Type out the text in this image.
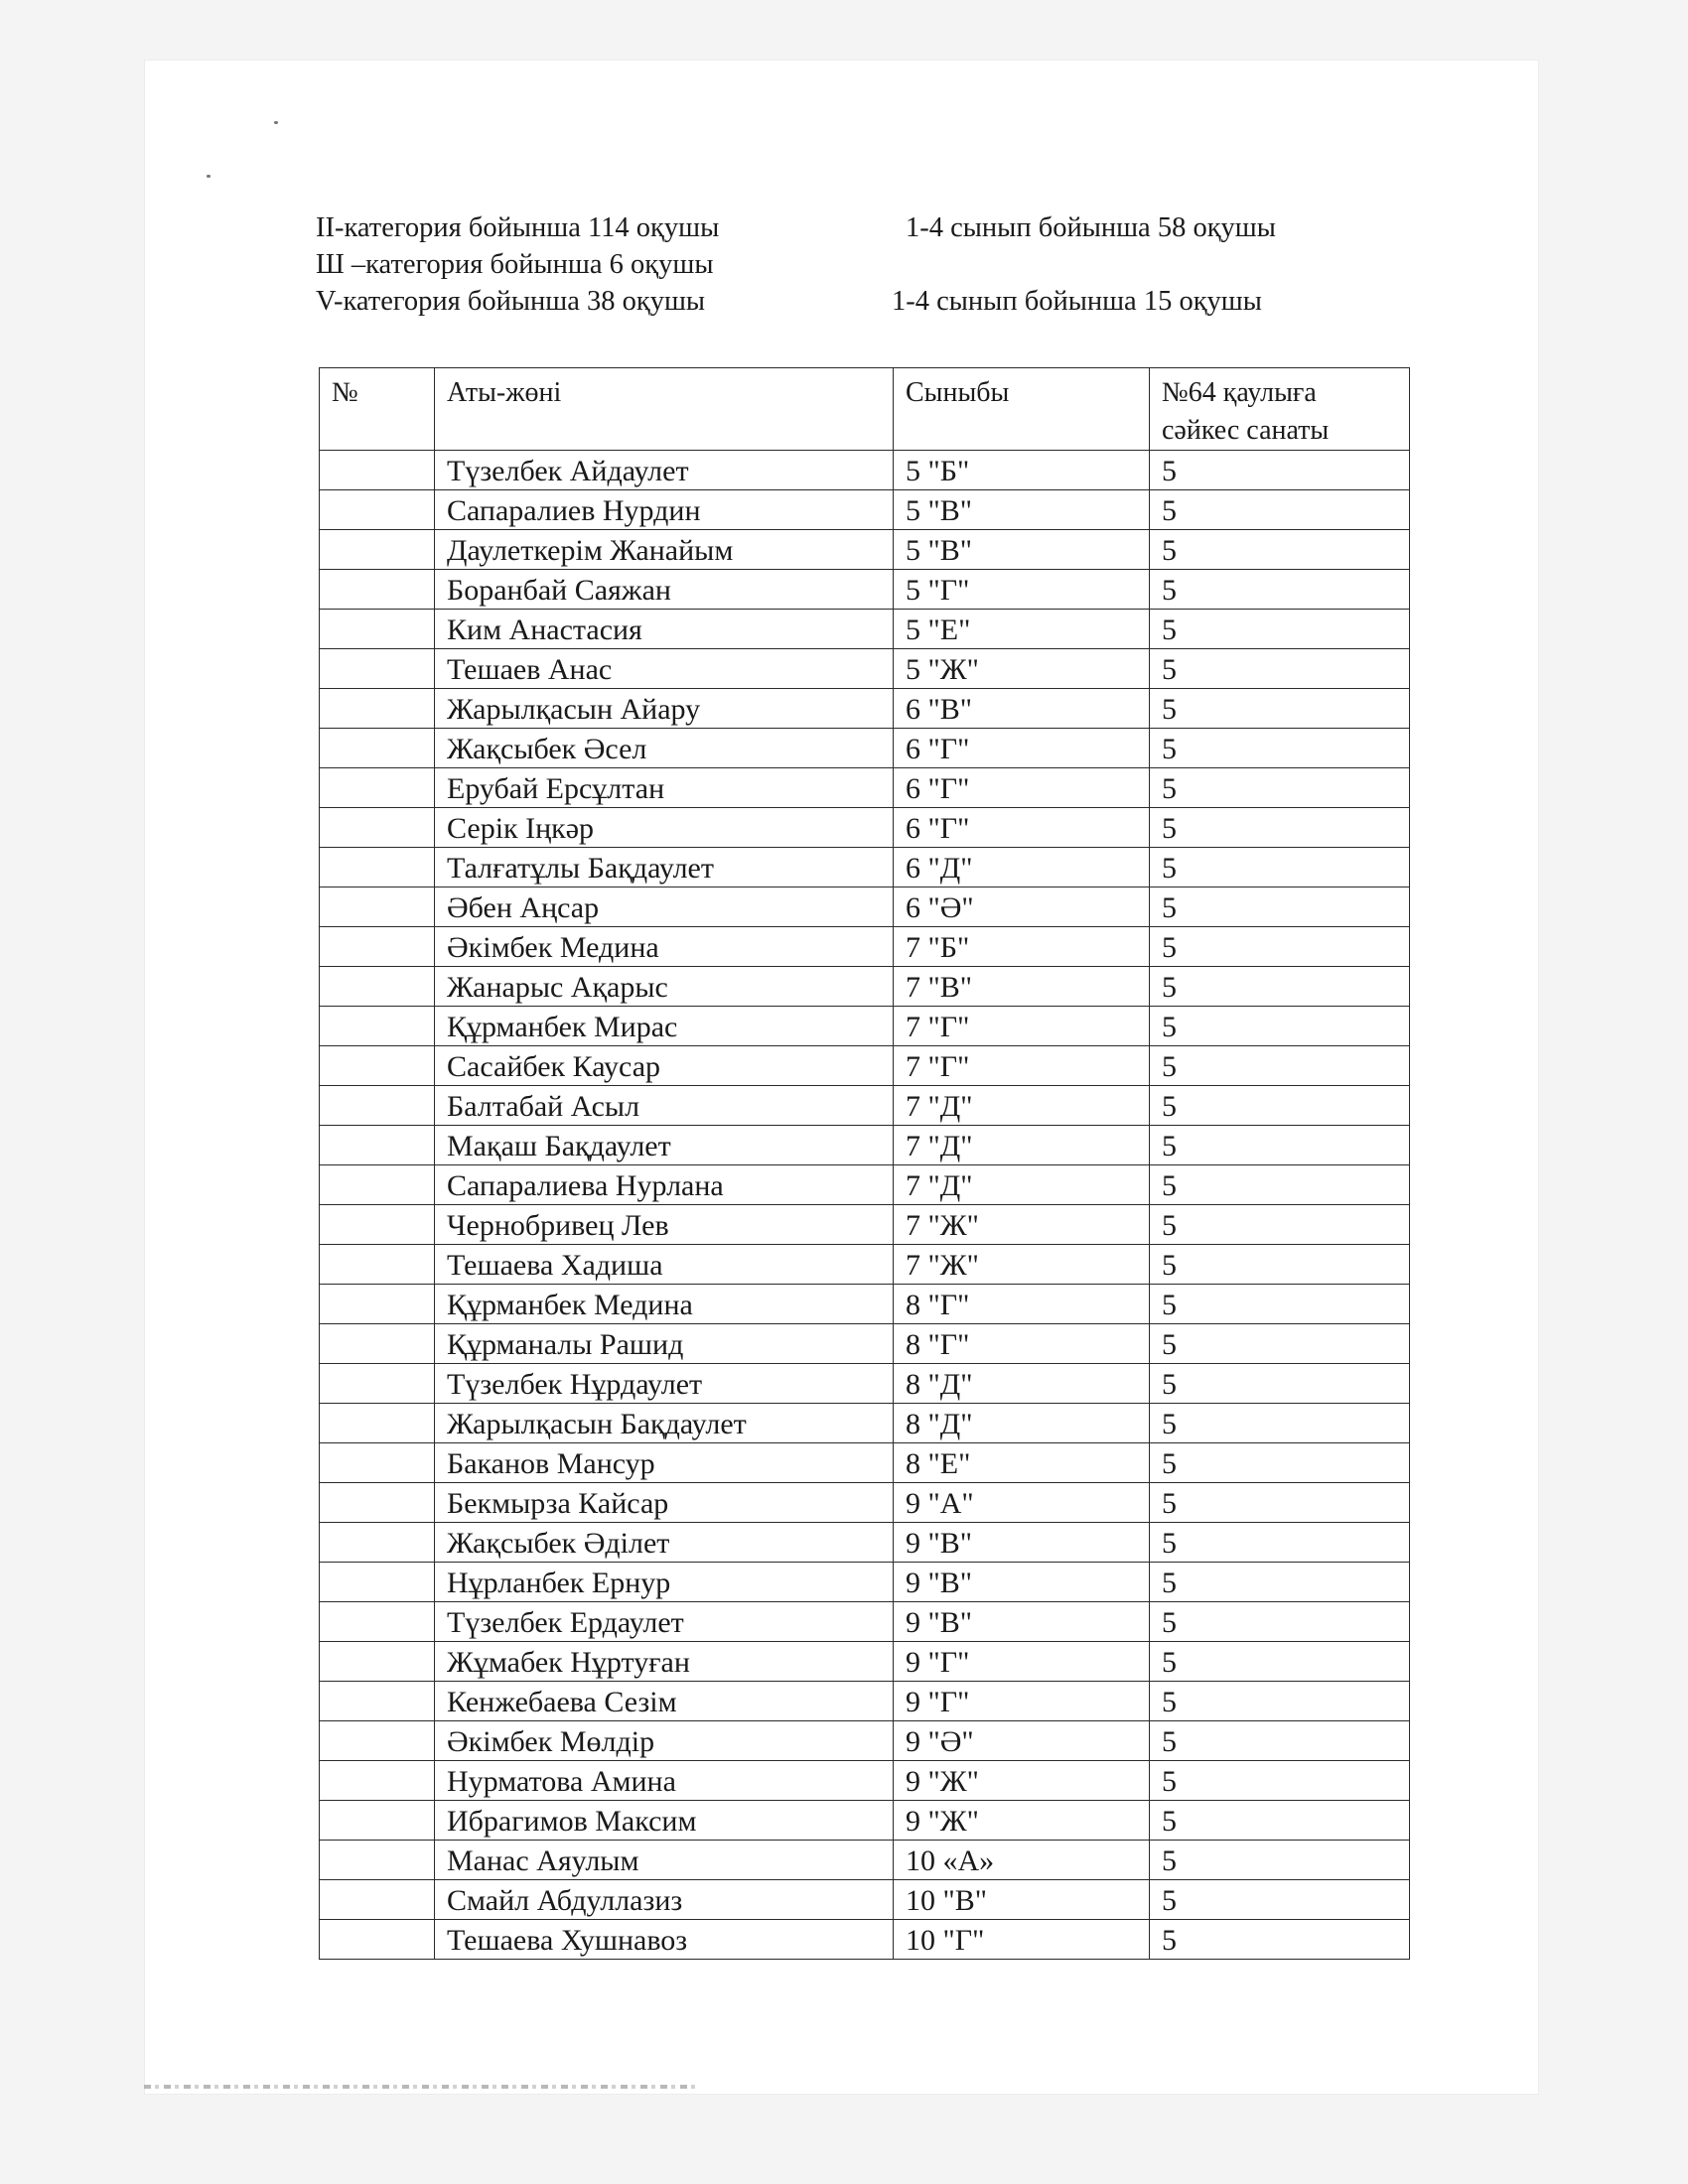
II-категория бойынша 114 оқушы	1-4 сынып бойынша 58 оқушы
Ш –категория бойынша 6 оқушы
V-категория бойынша 38 оқушы	1-4 сынып бойынша 15 оқушы
№	Аты-жөні	Сыныбы	№64 қаулыға
сәйкес санаты
	Түзелбек Айдаулет	5 "Б"	5
	Сапаралиев Нурдин	5 "В"	5
	Даулеткерім Жанайым	5 "В"	5
	Боранбай Саяжан	5 "Г"	5
	Ким Анастасия	5 "Е"	5
	Тешаев Анас	5 "Ж"	5
	Жарылқасын Айару	6 "В"	5
	Жақсыбек Әсел	6 "Г"	5
	Ерубай Ерсұлтан	6 "Г"	5
	Серік Іңкәр	6 "Г"	5
	Талғатұлы Бақдаулет	6 "Д"	5
	Әбен Аңсар	6 "Ә"	5
	Әкімбек Медина	7 "Б"	5
	Жанарыс Ақарыс	7 "В"	5
	Құрманбек Мирас	7 "Г"	5
	Сасайбек Каусар	7 "Г"	5
	Балтабай Асыл	7 "Д"	5
	Мақаш Бақдаулет	7 "Д"	5
	Сапаралиева Нурлана	7 "Д"	5
	Чернобривец Лев	7 "Ж"	5
	Тешаева Хадиша	7 "Ж"	5
	Құрманбек Медина	8 "Г"	5
	Құрманалы Рашид	8 "Г"	5
	Түзелбек Нұрдаулет	8 "Д"	5
	Жарылқасын Бақдаулет	8 "Д"	5
	Баканов Мансур	8 "Е"	5
	Бекмырза Кайсар	9 "А"	5
	Жақсыбек Әділет	9 "В"	5
	Нұрланбек Ернур	9 "В"	5
	Түзелбек Ердаулет	9 "В"	5
	Жұмабек Нұртуған	9 "Г"	5
	Кенжебаева Сезім	9 "Г"	5
	Әкімбек Мөлдір	9 "Ә"	5
	Нурматова Амина	9 "Ж"	5
	Ибрагимов Максим	9 "Ж"	5
	Манас Аяулым	10 «А»	5
	Смайл Абдуллазиз	10 "В"	5
	Тешаева Хушнавоз	10 "Г"	5
